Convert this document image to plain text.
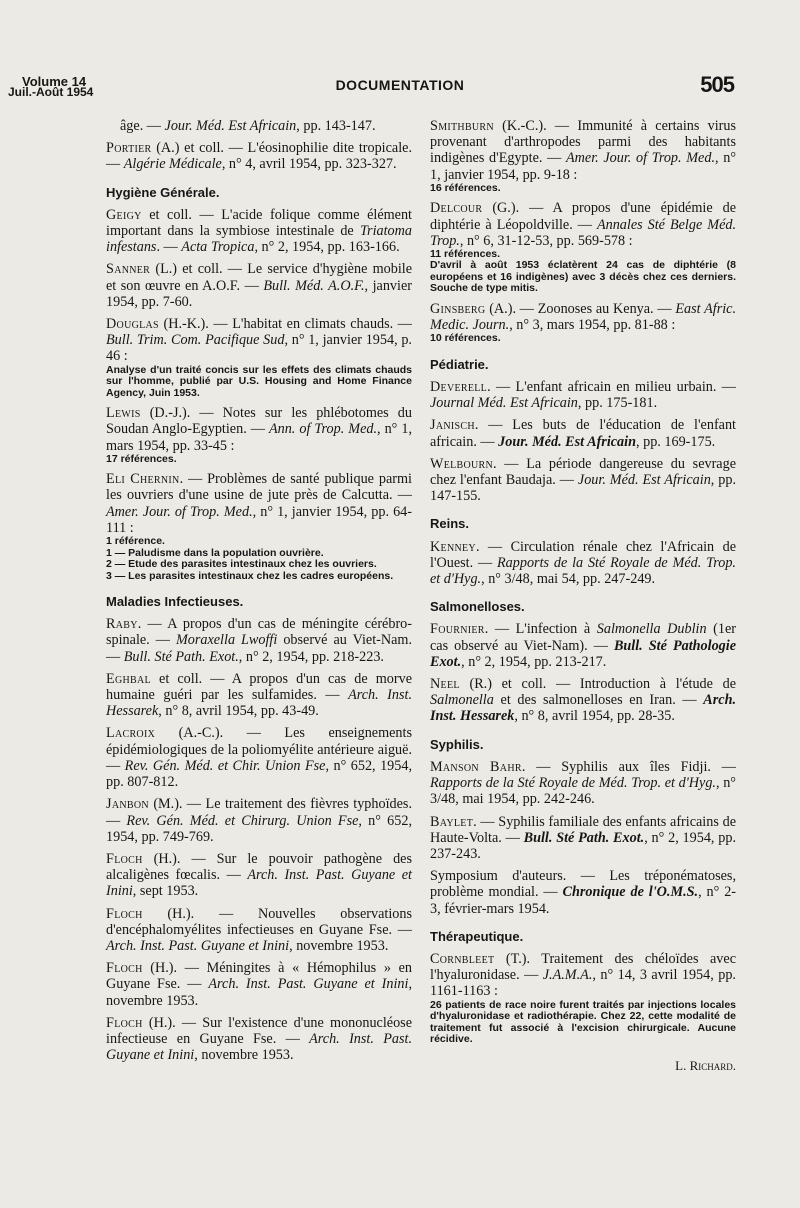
Volume 14
Juil.-Août 1954	DOCUMENTATION	505
âge. — Jour. Méd. Est Africain, pp. 143-147.
Portier (A.) et coll. — L'éosinophilie dite tropicale. — Algérie Médicale, n° 4, avril 1954, pp. 323-327.
Hygiène Générale.
Geigy et coll. — L'acide folique comme élément important dans la symbiose intestinale de Triatoma infestans. — Acta Tropica, n° 2, 1954, pp. 163-166.
Sanner (L.) et coll. — Le service d'hygiène mobile et son œuvre en A.O.F. — Bull. Méd. A.O.F., janvier 1954, pp. 7-60.
Douglas (H.-K.). — L'habitat en climats chauds. — Bull. Trim. Com. Pacifique Sud, n° 1, janvier 1954, p. 46 :
Analyse d'un traité concis sur les effets des climats chauds sur l'homme, publié par U.S. Housing and Home Finance Agency, Juin 1953.
Lewis (D.-J.). — Notes sur les phlébotomes du Soudan Anglo-Egyptien. — Ann. of Trop. Med., n° 1, mars 1954, pp. 33-45 :
17 références.
Eli Chernin. — Problèmes de santé publique parmi les ouvriers d'une usine de jute près de Calcutta. — Amer. Jour. of Trop. Med., n° 1, janvier 1954, pp. 64-111 :
1 référence.
1 — Paludisme dans la population ouvrière.
2 — Etude des parasites intestinaux chez les ouvriers.
3 — Les parasites intestinaux chez les cadres européens.
Maladies Infectieuses.
Raby. — A propos d'un cas de méningite cérébro-spinale. — Moraxella Lwoffi observé au Viet-Nam. — Bull. Sté Path. Exot., n° 2, 1954, pp. 218-223.
Eghbal et coll. — A propos d'un cas de morve humaine guéri par les sulfamides. — Arch. Inst. Hessarek, n° 8, avril 1954, pp. 43-49.
Lacroix (A.-C.). — Les enseignements épidémiologiques de la poliomyélite antérieure aiguë. — Rev. Gén. Méd. et Chir. Union Fse, n° 652, 1954, pp. 807-812.
Janbon (M.). — Le traitement des fièvres typhoïdes. — Rev. Gén. Méd. et Chirurg. Union Fse, n° 652, 1954, pp. 749-769.
Floch (H.). — Sur le pouvoir pathogène des alcaligènes fœcalis. — Arch. Inst. Past. Guyane et Inini, sept 1953.
Floch (H.). — Nouvelles observations d'encéphalomyélites infectieuses en Guyane Fse. — Arch. Inst. Past. Guyane et Inini, novembre 1953.
Floch (H.). — Méningites à « Hémophilus » en Guyane Fse. — Arch. Inst. Past. Guyane et Inini, novembre 1953.
Floch (H.). — Sur l'existence d'une mononucléose infectieuse en Guyane Fse. — Arch. Inst. Past. Guyane et Inini, novembre 1953.
Smithburn (K.-C.). — Immunité à certains virus provenant d'arthropodes parmi des habitants indigènes d'Egypte. — Amer. Jour. of Trop. Med., n° 1, janvier 1954, pp. 9-18 :
16 références.
Delcour (G.). — A propos d'une épidémie de diphtérie à Léopoldville. — Annales Sté Belge Méd. Trop., n° 6, 31-12-53, pp. 569-578 :
11 références.
D'avril à août 1953 éclatèrent 24 cas de diphtérie (8 européens et 16 indigènes) avec 3 décès chez ces derniers. Souche de type mitis.
Ginsberg (A.). — Zoonoses au Kenya. — East Afric. Medic. Journ., n° 3, mars 1954, pp. 81-88 :
10 références.
Pédiatrie.
Deverell. — L'enfant africain en milieu urbain. — Journal Méd. Est Africain, pp. 175-181.
Janisch. — Les buts de l'éducation de l'enfant africain. — Jour. Méd. Est Africain, pp. 169-175.
Welbourn. — La période dangereuse du sevrage chez l'enfant Baudaja. — Jour. Méd. Est Africain, pp. 147-155.
Reins.
Kenney. — Circulation rénale chez l'Africain de l'Ouest. — Rapports de la Sté Royale de Méd. Trop. et d'Hyg., n° 3/48, mai 54, pp. 247-249.
Salmonelloses.
Fournier. — L'infection à Salmonella Dublin (1er cas observé au Viet-Nam). — Bull. Sté Pathologie Exot., n° 2, 1954, pp. 213-217.
Neel (R.) et coll. — Introduction à l'étude de Salmonella et des salmonelloses en Iran. — Arch. Inst. Hessarek, n° 8, avril 1954, pp. 28-35.
Syphilis.
Manson Bahr. — Syphilis aux îles Fidji. — Rapports de la Sté Royale de Méd. Trop. et d'Hyg., n° 3/48, mai 1954, pp. 242-246.
Baylet. — Syphilis familiale des enfants africains de Haute-Volta. — Bull. Sté Path. Exot., n° 2, 1954, pp. 237-243.
Symposium d'auteurs. — Les tréponématoses, problème mondial. — Chronique de l'O.M.S., n° 2-3, février-mars 1954.
Thérapeutique.
Cornbleet (T.). Traitement des chéloïdes avec l'hyaluronidase. — J.A.M.A., n° 14, 3 avril 1954, pp. 1161-1163 :
26 patients de race noire furent traités par injections locales d'hyaluronidase et radiothérapie. Chez 22, cette modalité de traitement fut associé à l'excision chirurgicale. Aucune récidive.
L. Richard.
